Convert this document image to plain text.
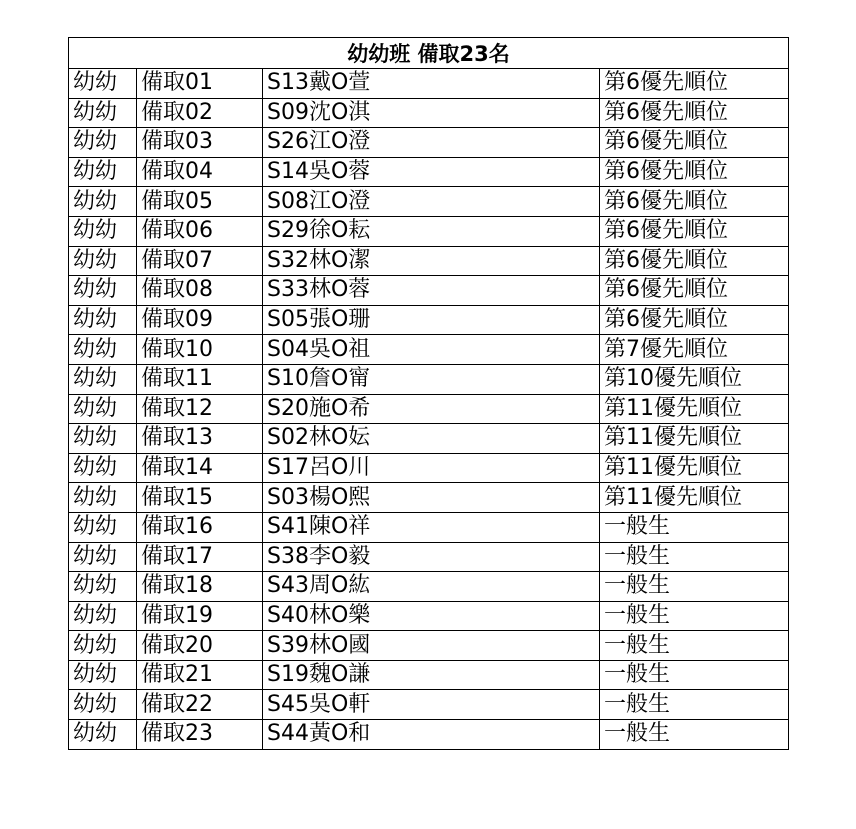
幼幼班 備取23名			
幼幼	備取01	S13戴O萱	第6優先順位
幼幼	備取02	S09沈O淇	第6優先順位
幼幼	備取03	S26江O澄	第6優先順位
幼幼	備取04	S14吳O蓉	第6優先順位
幼幼	備取05	S08江O澄	第6優先順位
幼幼	備取06	S29徐O耘	第6優先順位
幼幼	備取07	S32林O潔	第6優先順位
幼幼	備取08	S33林O蓉	第6優先順位
幼幼	備取09	S05張O珊	第6優先順位
幼幼	備取10	S04吳O祖	第7優先順位
幼幼	備取11	S10詹O甯	第10優先順位
幼幼	備取12	S20施O希	第11優先順位
幼幼	備取13	S02林O妘	第11優先順位
幼幼	備取14	S17呂O川	第11優先順位
幼幼	備取15	S03楊O熙	第11優先順位
幼幼	備取16	S41陳O祥	一般生
幼幼	備取17	S38李O毅	一般生
幼幼	備取18	S43周O紘	一般生
幼幼	備取19	S40林O樂	一般生
幼幼	備取20	S39林O國	一般生
幼幼	備取21	S19魏O謙	一般生
幼幼	備取22	S45吳O軒	一般生
幼幼	備取23	S44黃O和	一般生
